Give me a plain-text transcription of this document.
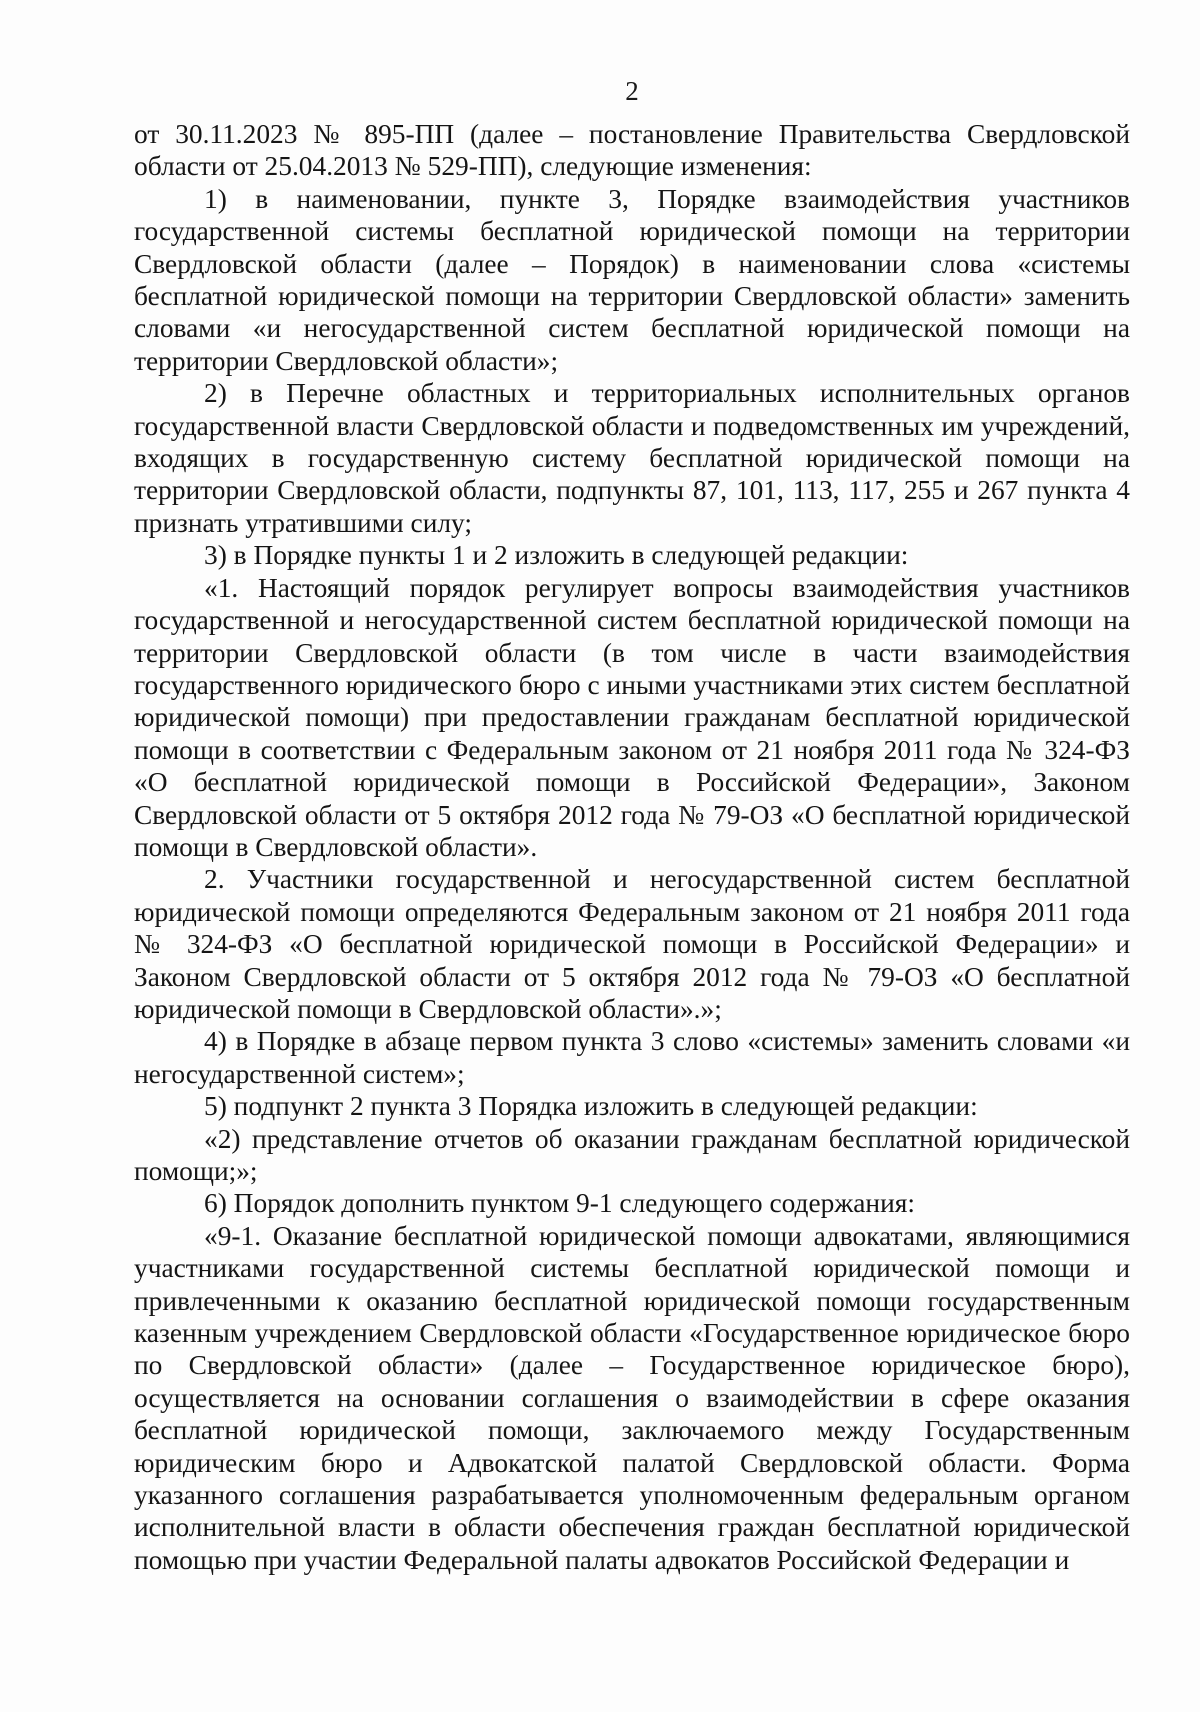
2

от 30.11.2023 № 895-ПП (далее – постановление Правительства Свердловской области от 25.04.2013 № 529-ПП), следующие изменения:

1) в наименовании, пункте 3, Порядке взаимодействия участников государственной системы бесплатной юридической помощи на территории Свердловской области (далее – Порядок) в наименовании слова «системы бесплатной юридической помощи на территории Свердловской области» заменить словами «и негосударственной систем бесплатной юридической помощи на территории Свердловской области»;

2) в Перечне областных и территориальных исполнительных органов государственной власти Свердловской области и подведомственных им учреждений, входящих в государственную систему бесплатной юридической помощи на территории Свердловской области, подпункты 87, 101, 113, 117, 255 и 267 пункта 4 признать утратившими силу;

3) в Порядке пункты 1 и 2 изложить в следующей редакции:

«1. Настоящий порядок регулирует вопросы взаимодействия участников государственной и негосударственной систем бесплатной юридической помощи на территории Свердловской области (в том числе в части взаимодействия государственного юридического бюро с иными участниками этих систем бесплатной юридической помощи) при предоставлении гражданам бесплатной юридической помощи в соответствии с Федеральным законом от 21 ноября 2011 года № 324-ФЗ «О бесплатной юридической помощи в Российской Федерации», Законом Свердловской области от 5 октября 2012 года № 79-ОЗ «О бесплатной юридической помощи в Свердловской области».

2. Участники государственной и негосударственной систем бесплатной юридической помощи определяются Федеральным законом от 21 ноября 2011 года № 324-ФЗ «О бесплатной юридической помощи в Российской Федерации» и Законом Свердловской области от 5 октября 2012 года № 79-ОЗ «О бесплатной юридической помощи в Свердловской области».»;

4) в Порядке в абзаце первом пункта 3 слово «системы» заменить словами «и негосударственной систем»;

5) подпункт 2 пункта 3 Порядка изложить в следующей редакции:

«2) представление отчетов об оказании гражданам бесплатной юридической помощи;»;

6) Порядок дополнить пунктом 9-1 следующего содержания:

«9-1. Оказание бесплатной юридической помощи адвокатами, являющимися участниками государственной системы бесплатной юридической помощи и привлеченными к оказанию бесплатной юридической помощи государственным казенным учреждением Свердловской области «Государственное юридическое бюро по Свердловской области» (далее – Государственное юридическое бюро), осуществляется на основании соглашения о взаимодействии в сфере оказания бесплатной юридической помощи, заключаемого между Государственным юридическим бюро и Адвокатской палатой Свердловской области. Форма указанного соглашения разрабатывается уполномоченным федеральным органом исполнительной власти в области обеспечения граждан бесплатной юридической помощью при участии Федеральной палаты адвокатов Российской Федерации и
